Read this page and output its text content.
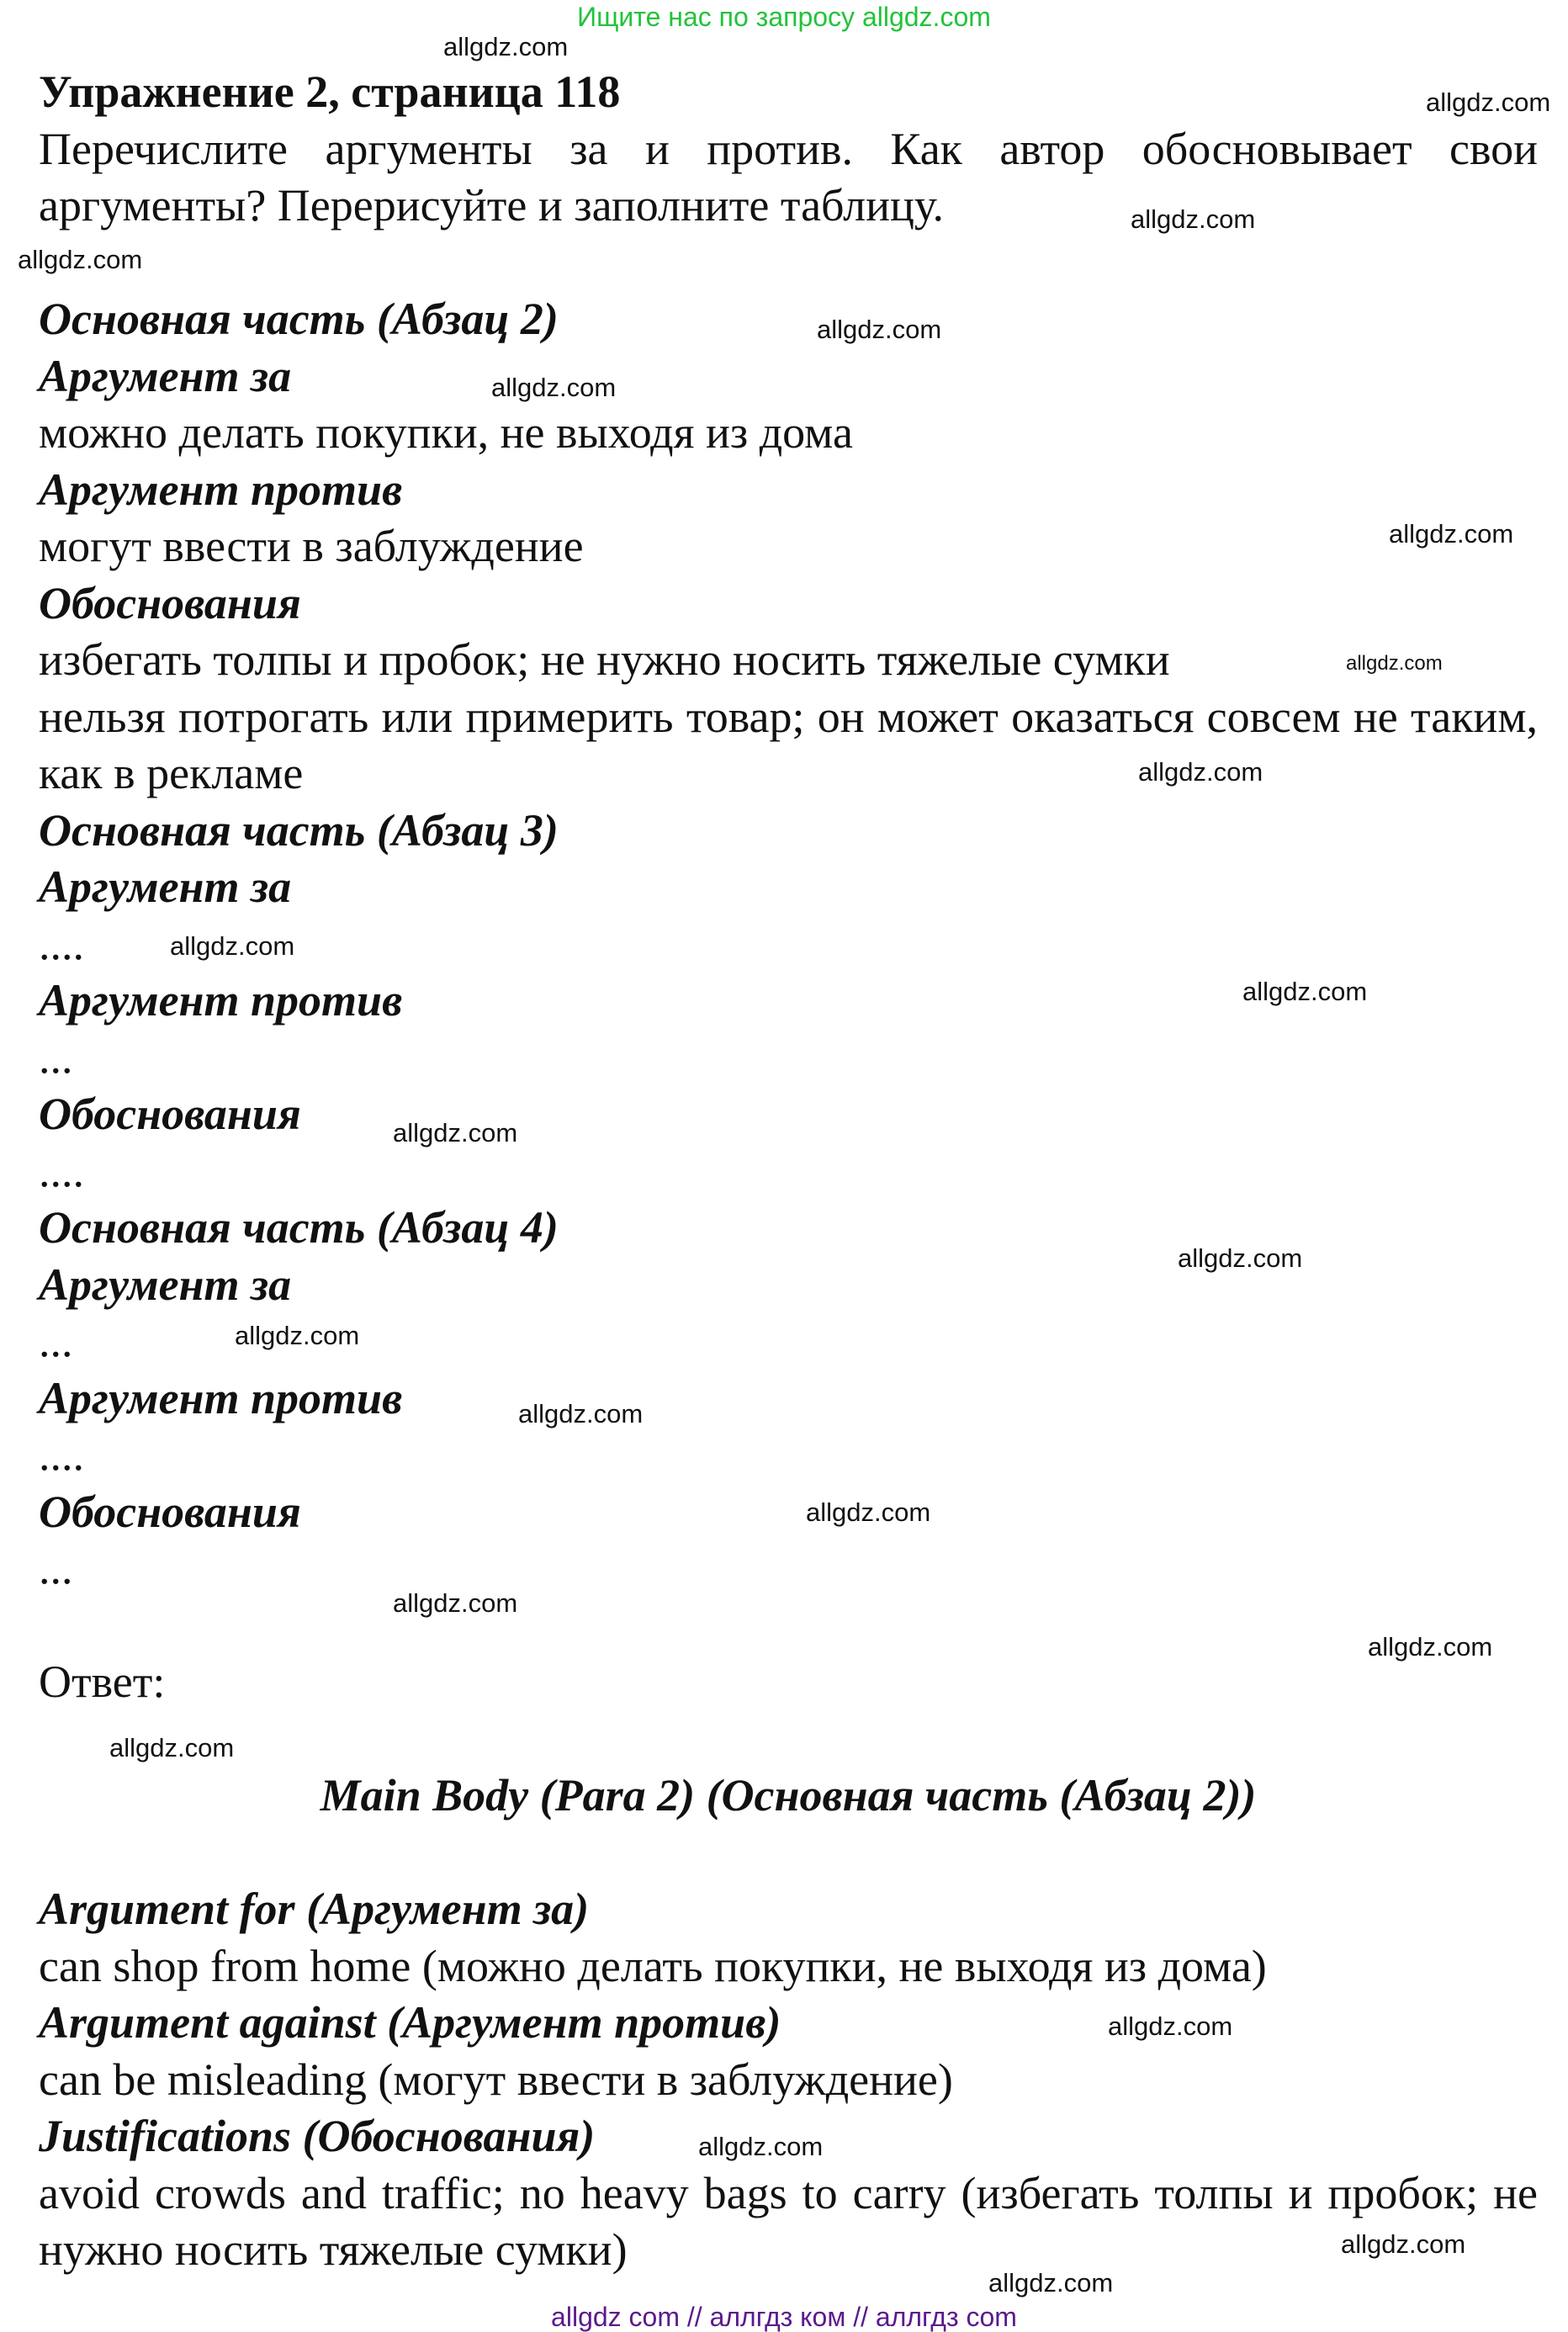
Ищите нас по запросу allgdz.com
Упражнение 2, страница 118
Перечислите аргументы за и против. Как автор обосновывает свои аргументы? Перерисуйте и заполните таблицу.
Основная часть (Абзац 2)
Аргумент за
можно делать покупки, не выходя из дома
Аргумент против
могут ввести в заблуждение
Обоснования
избегать толпы и пробок; не нужно носить тяжелые сумки
нельзя потрогать или примерить товар; он может оказаться совсем не таким, как в рекламе
Основная часть (Абзац 3)
Аргумент за
....
Аргумент против
...
Обоснования
....
Основная часть (Абзац 4)
Аргумент за
...
Аргумент против
....
Обоснования
...
Ответ:
Main Body (Para 2) (Основная часть (Абзац 2))
Argument for (Аргумент за)
can shop from home (можно делать покупки, не выходя из дома)
Argument against (Аргумент против)
can be misleading (могут ввести в заблуждение)
Justifications (Обоснования)
avoid crowds and traffic; no heavy bags to carry (избегать толпы и пробок; не нужно носить тяжелые сумки)
allgdz.com
allgdz.com
allgdz.com
allgdz.com
allgdz.com
allgdz.com
allgdz.com
allgdz.com
allgdz.com
allgdz.com
allgdz.com
allgdz.com
allgdz.com
allgdz.com
allgdz.com
allgdz.com
allgdz.com
allgdz.com
allgdz.com
allgdz.com
allgdz.com
allgdz.com
allgdz.com
allgdz com // аллгдз ком // аллгдз com
